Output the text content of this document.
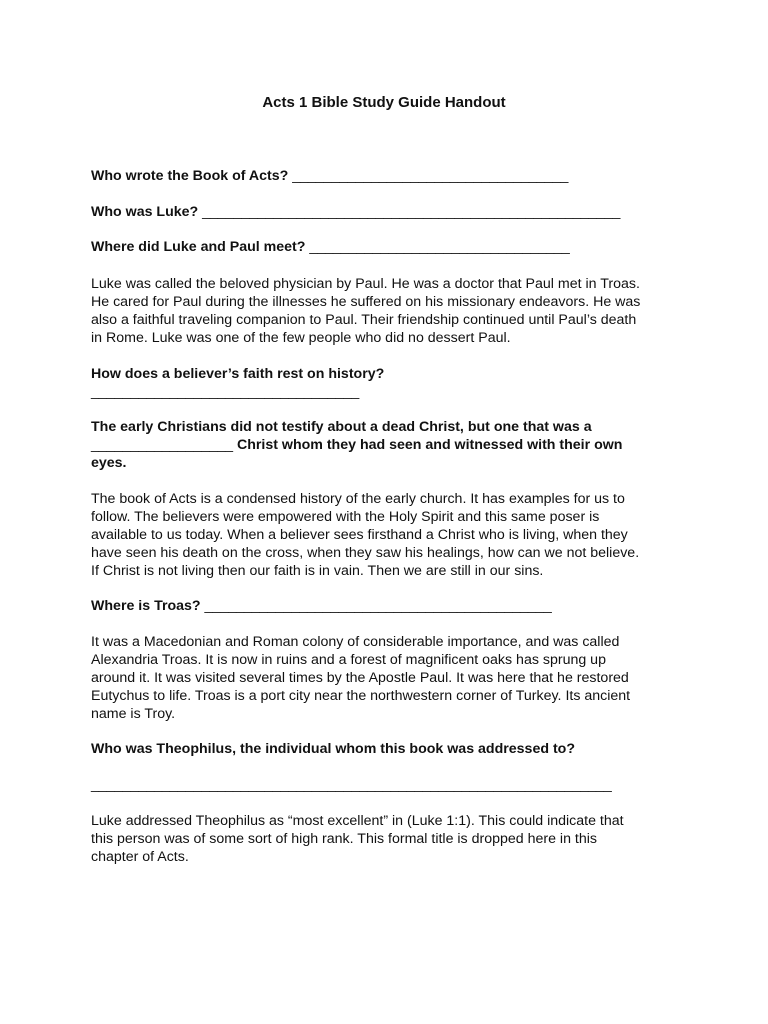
Acts 1 Bible Study Guide Handout
Who wrote the Book of Acts? ___________________________________
Who was Luke? _____________________________________________________
Where did Luke and Paul meet? _________________________________
Luke was called the beloved physician by Paul. He was a doctor that Paul met in Troas.
He cared for Paul during the illnesses he suffered on his missionary endeavors. He was
also a faithful traveling companion to Paul. Their friendship continued until Paul’s death
in Rome. Luke was one of the few people who did no dessert Paul.
How does a believer’s faith rest on history?
__________________________________
The early Christians did not testify about a dead Christ, but one that was a
__________________ Christ whom they had seen and witnessed with their own
eyes.
The book of Acts is a condensed history of the early church. It has examples for us to
follow. The believers were empowered with the Holy Spirit and this same poser is
available to us today. When a believer sees firsthand a Christ who is living, when they
have seen his death on the cross, when they saw his healings, how can we not believe.
If Christ is not living then our faith is in vain. Then we are still in our sins.
Where is Troas? ____________________________________________
It was a Macedonian and Roman colony of considerable importance, and was called
Alexandria Troas. It is now in ruins and a forest of magnificent oaks has sprung up
around it. It was visited several times by the Apostle Paul. It was here that he restored
Eutychus to life. Troas is a port city near the northwestern corner of Turkey. Its ancient
name is Troy.
Who was Theophilus, the individual whom this book was addressed to?
__________________________________________________________________
Luke addressed Theophilus as “most excellent” in (Luke 1:1). This could indicate that
this person was of some sort of high rank. This formal title is dropped here in this
chapter of Acts.
